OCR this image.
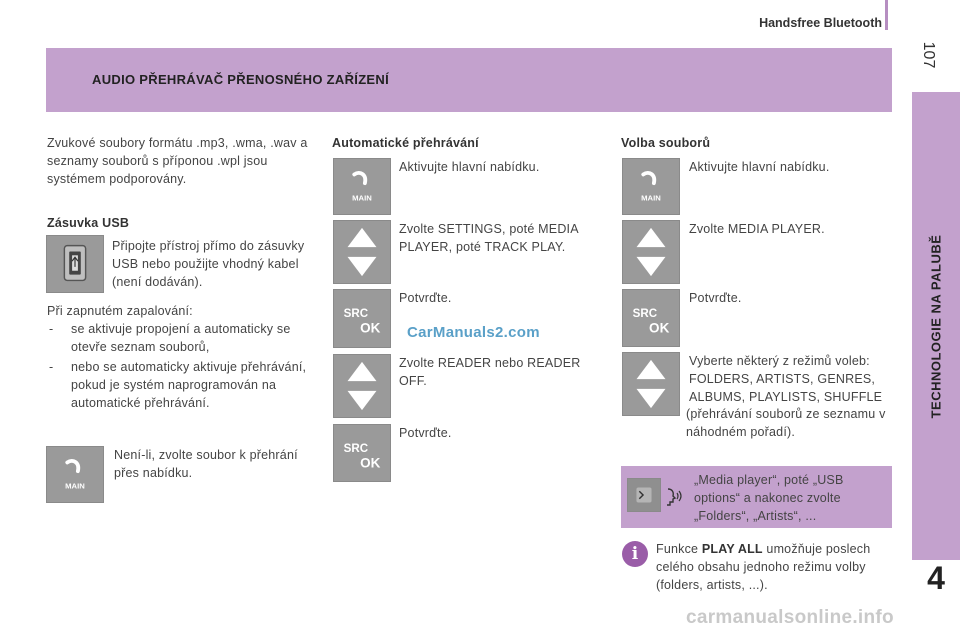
Handsfree Bluetooth
107
TECHNOLOGIE NA PALUBĚ
4
AUDIO PŘEHRÁVAČ PŘENOSNÉHO ZAŘÍZENÍ
Zvukové soubory formátu .mp3, .wma, .wav a seznamy souborů s příponou .wpl jsou systémem podporovány.
Zásuvka USB
Připojte přístroj přímo do zásuvky USB nebo použijte vhodný kabel (není dodáván).
Při zapnutém zapalování:
- se aktivuje propojení a automaticky se otevře seznam souborů,
- nebo se automaticky aktivuje přehrávání, pokud je systém naprogramován na automatické přehrávání.
MAIN
Není-li, zvolte soubor k přehrání přes nabídku.
Automatické přehrávání
MAIN
Aktivujte hlavní nabídku.
Zvolte SETTINGS, poté MEDIA PLAYER, poté TRACK PLAY.
SRC
OK
Potvrďte.
Zvolte READER nebo READER OFF.
SRC
OK
Potvrďte.
CarManuals2.com
Volba souborů
MAIN
Aktivujte hlavní nabídku.
Zvolte MEDIA PLAYER.
SRC
OK
Potvrďte.
Vyberte některý z režimů voleb:
FOLDERS, ARTISTS, GENRES, ALBUMS, PLAYLISTS, SHUFFLE
(přehrávání souborů ze seznamu v náhodném pořadí).
„Media player“, poté „USB options“ a nakonec zvolte „Folders“, „Artists“, ...
i	Funkce PLAY ALL umožňuje poslech celého obsahu jednoho režimu volby (folders, artists, ...).
carmanualsonline.info
